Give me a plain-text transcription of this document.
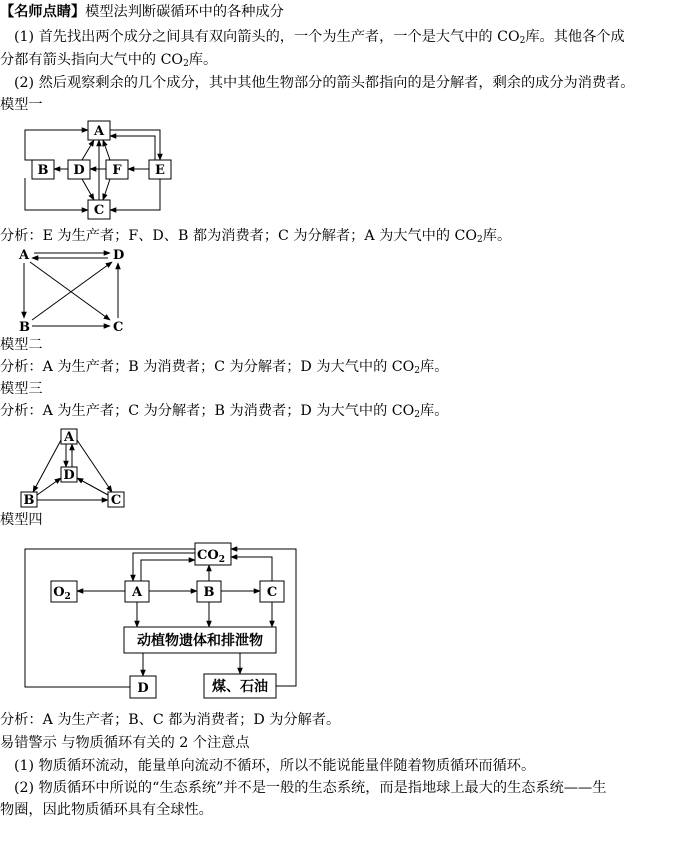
【名师点睛】模型法判断碳循环中的各种成分
(1) 首先找出两个成分之间具有双向箭头的，一个为生产者，一个是大气中的 $CO_2$库。其他各个成
分都有箭头指向大气中的 $CO_2$库。
(2) 然后观察剩余的几个成分，其中其他生物部分的箭头都指向的是分解者，剩余的成分为消费者。
模型一
A
B D F	E
C
A	D
B	C
A
D
B	C
$CO_2$
$O_2$	A	B	C
动植物遗体和排泄物
D	煤、石油
分析：E 为生产者；F、D、B 都为消费者；C 为分解者；A 为大气中的 $CO_2$库。
模型二
分析：A 为生产者；B 为消费者；C 为分解者；D 为大气中的 $CO_2$库。
模型三
分析：A 为生产者；C 为分解者；B 为消费者；D 为大气中的 $CO_2$库。
模型四
分析：A 为生产者；B、C 都为消费者；D 为分解者。
易错警示 与物质循环有关的 2 个注意点
(1) 物质循环流动，能量单向流动不循环，所以不能说能量伴随着物质循环而循环。
(2) 物质循环中所说的“生态系统”并不是一般的生态系统，而是指地球上最大的生态系统——生
物圈，因此物质循环具有全球性。
